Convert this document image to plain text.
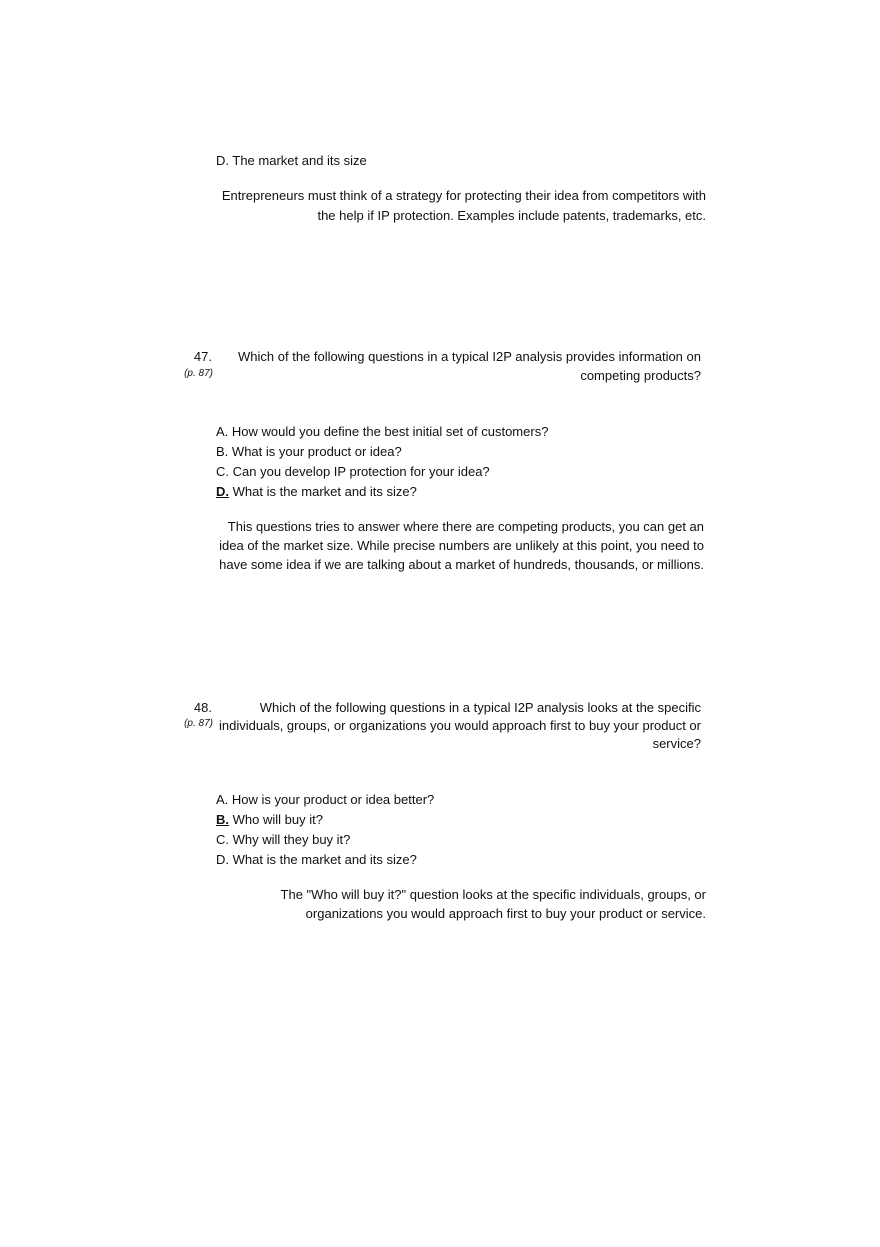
D. The market and its size
Entrepreneurs must think of a strategy for protecting their idea from competitors with
the help if IP protection. Examples include patents, trademarks, etc.
47.
(p. 87)
Which of the following questions in a typical I2P analysis provides information on
competing products?
A. How would you define the best initial set of customers?
B. What is your product or idea?
C. Can you develop IP protection for your idea?
D. What is the market and its size?
This questions tries to answer where there are competing products, you can get an
idea of the market size. While precise numbers are unlikely at this point, you need to
have some idea if we are talking about a market of hundreds, thousands, or millions.
48.
(p. 87)
Which of the following questions in a typical I2P analysis looks at the specific
individuals, groups, or organizations you would approach first to buy your product or
service?
A. How is your product or idea better?
B. Who will buy it?
C. Why will they buy it?
D. What is the market and its size?
The "Who will buy it?" question looks at the specific individuals, groups, or
organizations you would approach first to buy your product or service.
